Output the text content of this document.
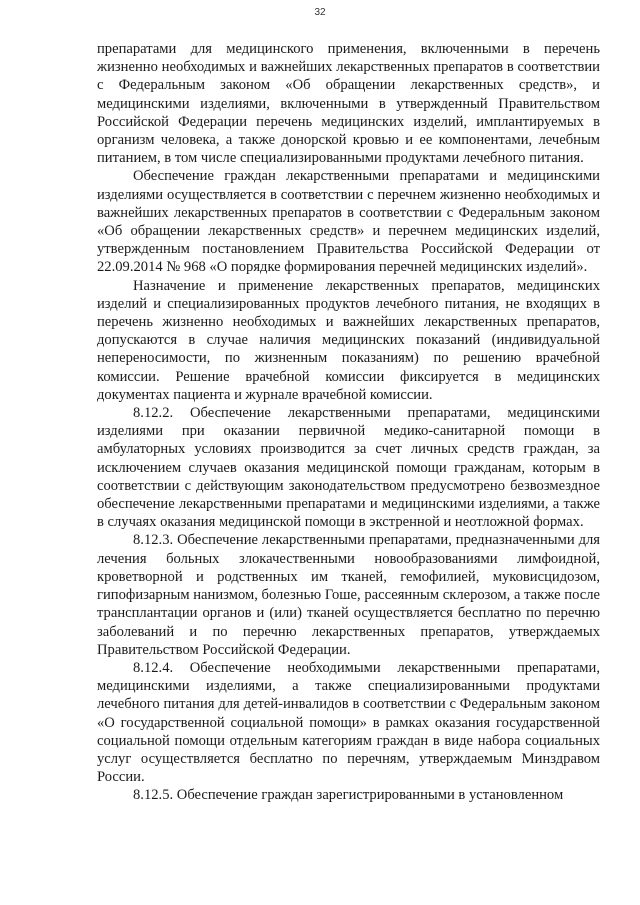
32

препаратами для медицинского применения, включенными в перечень жизненно необходимых и важнейших лекарственных препаратов в соответствии с Федеральным законом «Об обращении лекарственных средств», и медицинскими изделиями, включенными в утвержденный Правительством Российской Федерации перечень медицинских изделий, имплантируемых в организм человека, а также донорской кровью и ее компонентами, лечебным питанием, в том числе специализированными продуктами лечебного питания.

Обеспечение граждан лекарственными препаратами и медицинскими изделиями осуществляется в соответствии с перечнем жизненно необходимых и важнейших лекарственных препаратов в соответствии с Федеральным законом «Об обращении лекарственных средств» и перечнем медицинских изделий, утвержденным постановлением Правительства Российской Федерации от 22.09.2014 № 968 «О порядке формирования перечней медицинских изделий».

Назначение и применение лекарственных препаратов, медицинских изделий и специализированных продуктов лечебного питания, не входящих в перечень жизненно необходимых и важнейших лекарственных препаратов, допускаются в случае наличия медицинских показаний (индивидуальной непереносимости, по жизненным показаниям) по решению врачебной комиссии. Решение врачебной комиссии фиксируется в медицинских документах пациента и журнале врачебной комиссии.

8.12.2. Обеспечение лекарственными препаратами, медицинскими изделиями при оказании первичной медико-санитарной помощи в амбулаторных условиях производится за счет личных средств граждан, за исключением случаев оказания медицинской помощи гражданам, которым в соответствии с действующим законодательством предусмотрено безвозмездное обеспечение лекарственными препаратами и медицинскими изделиями, а также в случаях оказания медицинской помощи в экстренной и неотложной формах.

8.12.3. Обеспечение лекарственными препаратами, предназначенными для лечения больных злокачественными новообразованиями лимфоидной, кроветворной и родственных им тканей, гемофилией, муковисцидозом, гипофизарным нанизмом, болезнью Гоше, рассеянным склерозом, а также после трансплантации органов и (или) тканей осуществляется бесплатно по перечню заболеваний и по перечню лекарственных препаратов, утверждаемых Правительством Российской Федерации.

8.12.4. Обеспечение необходимыми лекарственными препаратами, медицинскими изделиями, а также специализированными продуктами лечебного питания для детей-инвалидов в соответствии с Федеральным законом «О государственной социальной помощи» в рамках оказания государственной социальной помощи отдельным категориям граждан в виде набора социальных услуг осуществляется бесплатно по перечням, утверждаемым Минздравом России.

8.12.5. Обеспечение граждан зарегистрированными в установленном
